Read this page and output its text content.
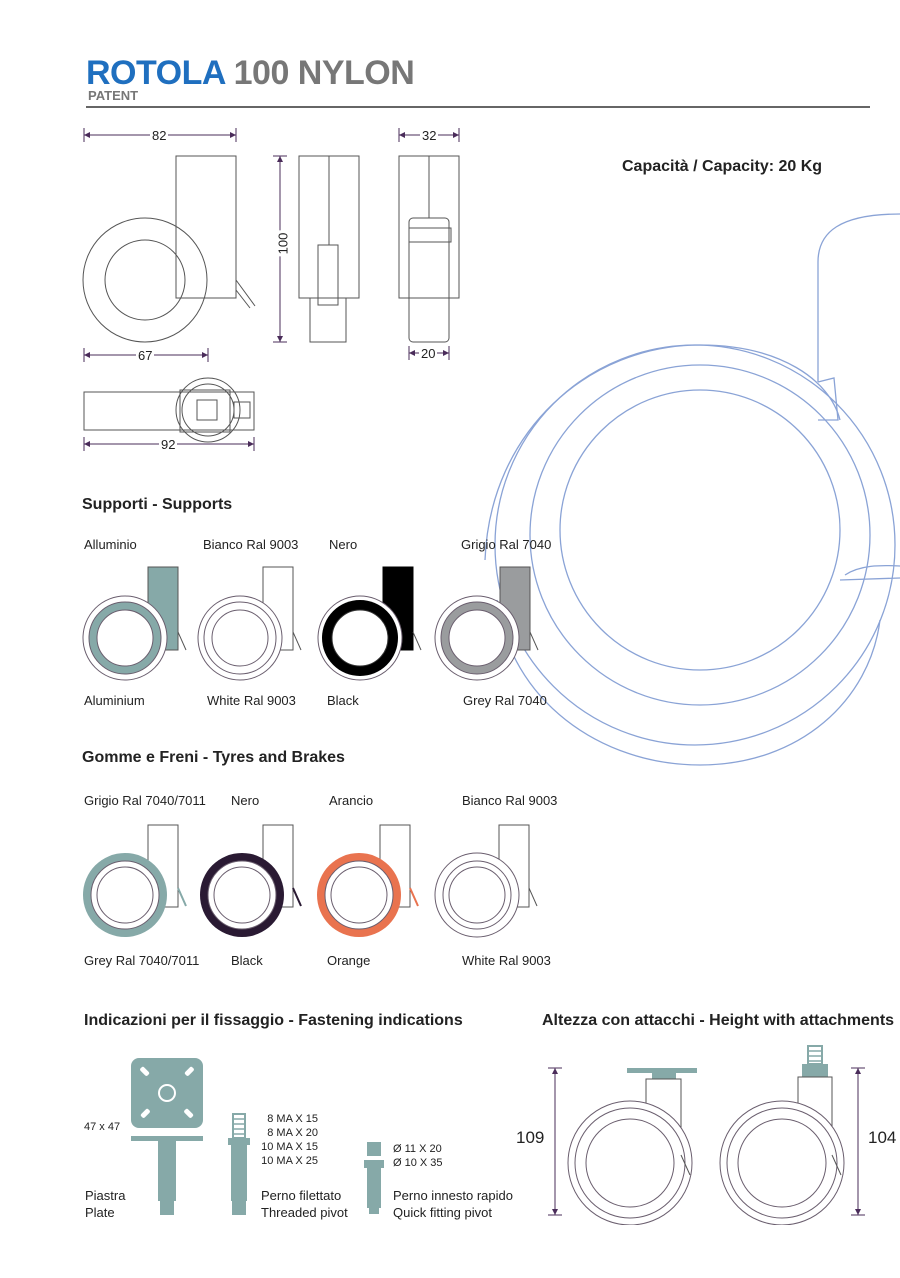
ROTOLA 100 NYLON
PATENT
Capacità / Capacity: 20 Kg
82
100
32
67	20
92
Supporti - Supports
Alluminio	Bianco Ral 9003 Nero	Grigio Ral 7040
Aluminium	White Ral 9003 Black	Grey Ral 7040
Gomme e Freni - Tyres and Brakes
Grigio Ral 7040/7011 Nero	Arancio	Bianco Ral 9003
Grey Ral 7040/7011 Black	Orange	White Ral 9003
Indicazioni per il fissaggio - Fastening indications	Altezza con attacchi - Height with attachments
47 x 47
Piastra
Plate
8 MA X 15
8 MA X 20
10 MA X 15
10 MA X 25
Perno filettato
Threaded pivot
Ø 11 X 20
Ø 10 X 35
Perno innesto rapido
Quick fitting pivot
109	104
